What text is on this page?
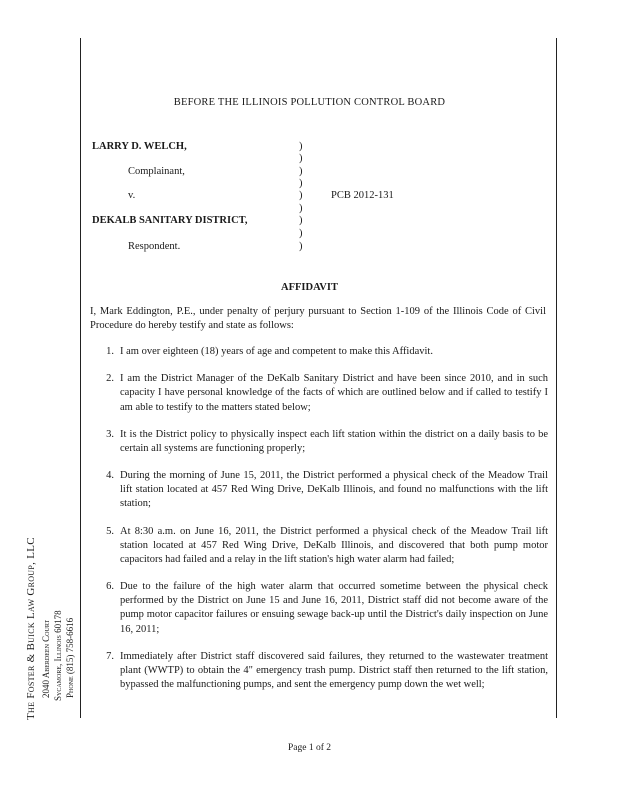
BEFORE THE ILLINOIS POLLUTION CONTROL BOARD
LARRY D. WELCH,
Complainant,
v.	PCB 2012-131
DEKALB SANITARY DISTRICT,
Respondent.
)
)
)
)
)
)
)
)
)
AFFIDAVIT
I, Mark Eddington, P.E., under penalty of perjury pursuant to Section 1-109 of the Illinois Code of Civil Procedure do hereby testify and state as follows:
1. I am over eighteen (18) years of age and competent to make this Affidavit.
2. I am the District Manager of the DeKalb Sanitary District and have been since 2010, and in such capacity I have personal knowledge of the facts of which are outlined below and if called to testify I am able to testify to the matters stated below;
3. It is the District policy to physically inspect each lift station within the district on a daily basis to be certain all systems are functioning properly;
4. During the morning of June 15, 2011, the District performed a physical check of the Meadow Trail lift station located at 457 Red Wing Drive, DeKalb Illinois, and found no malfunctions with the lift station;
5. At 8:30 a.m. on June 16, 2011, the District performed a physical check of the Meadow Trail lift station located at 457 Red Wing Drive, DeKalb Illinois, and discovered that both pump motor capacitors had failed and a relay in the lift station's high water alarm had failed;
6. Due to the failure of the high water alarm that occurred sometime between the physical check performed by the District on June 15 and June 16, 2011, District staff did not become aware of the pump motor capacitor failures or ensuing sewage back-up until the District's daily inspection on June 16, 2011;
7. Immediately after District staff discovered said failures, they returned to the wastewater treatment plant (WWTP) to obtain the 4" emergency trash pump. District staff then returned to the lift station, bypassed the malfunctioning pumps, and sent the emergency pump down the wet well;
The Foster & Buick Law Group, LLC 2040 Aberdeen Court Sycamore, Illinois 60178 Phone (815) 758-6616
Page 1 of 2
